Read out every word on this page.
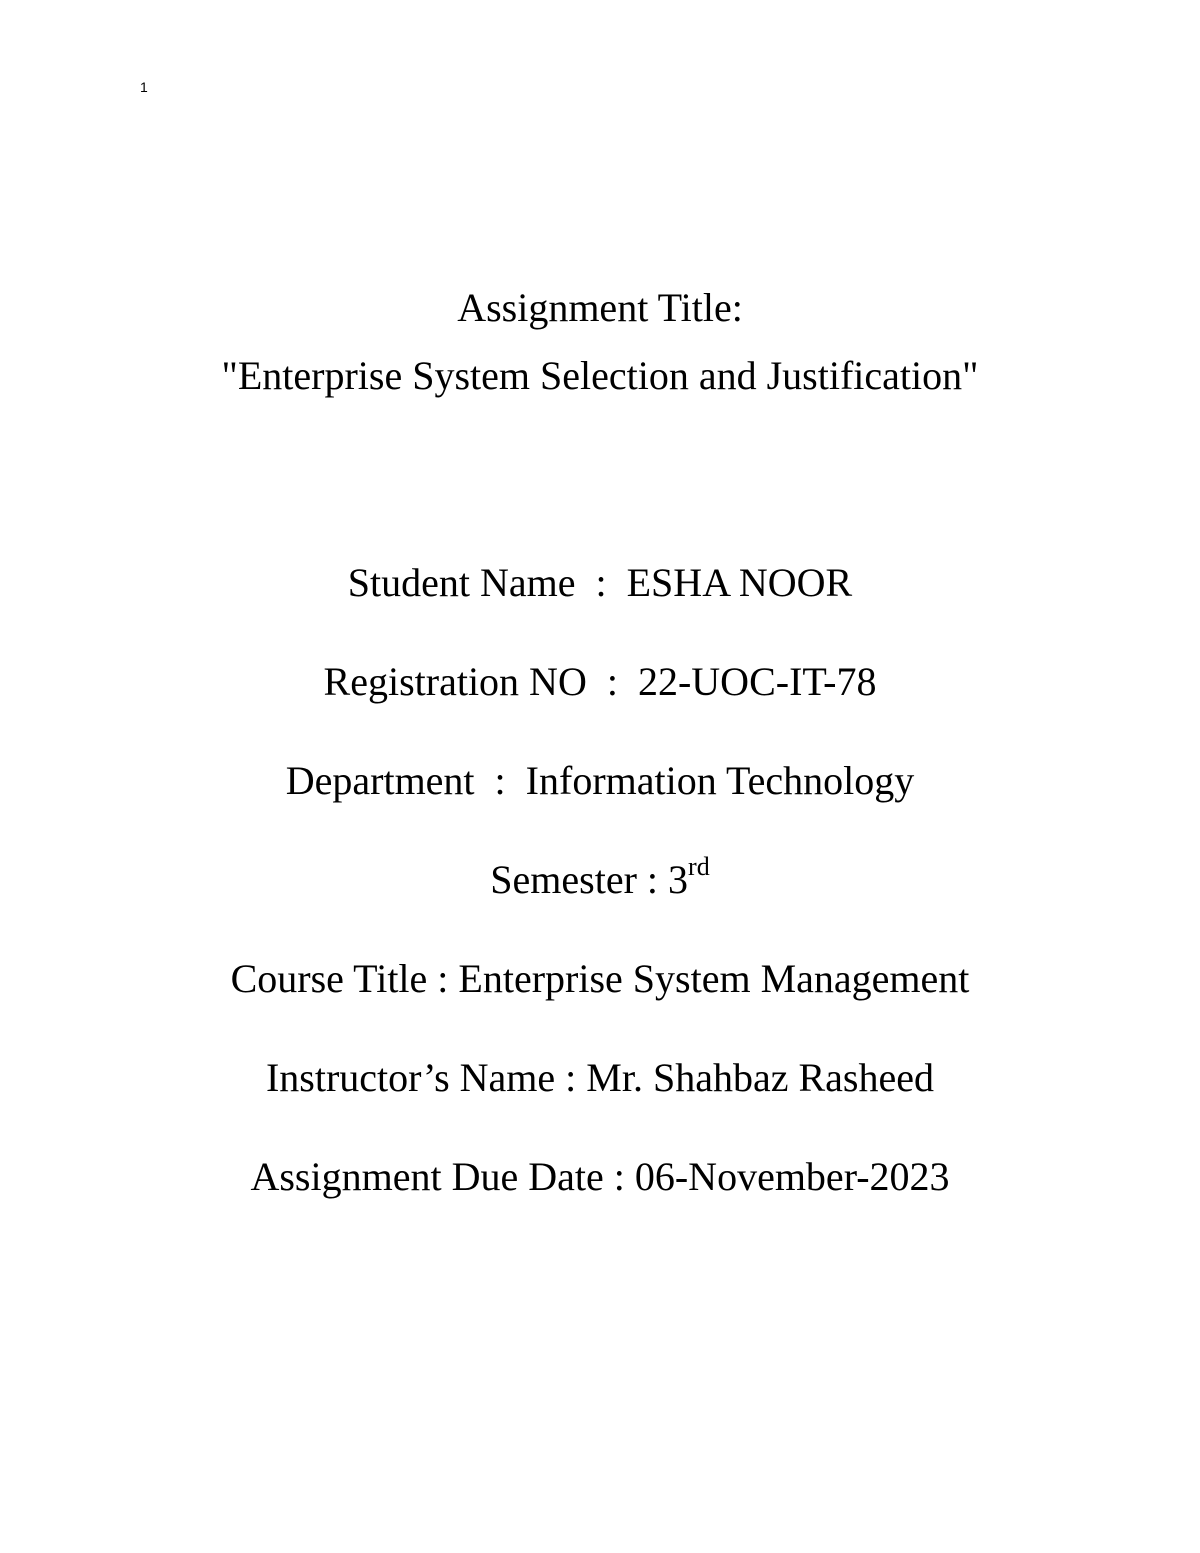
1
Assignment Title:
"Enterprise System Selection and Justification"
Student Name  :  ESHA NOOR
Registration NO  :  22-UOC-IT-78
Department  :  Information Technology
Semester : 3rd
Course Title : Enterprise System Management
Instructor’s Name : Mr. Shahbaz Rasheed
Assignment Due Date : 06-November-2023
